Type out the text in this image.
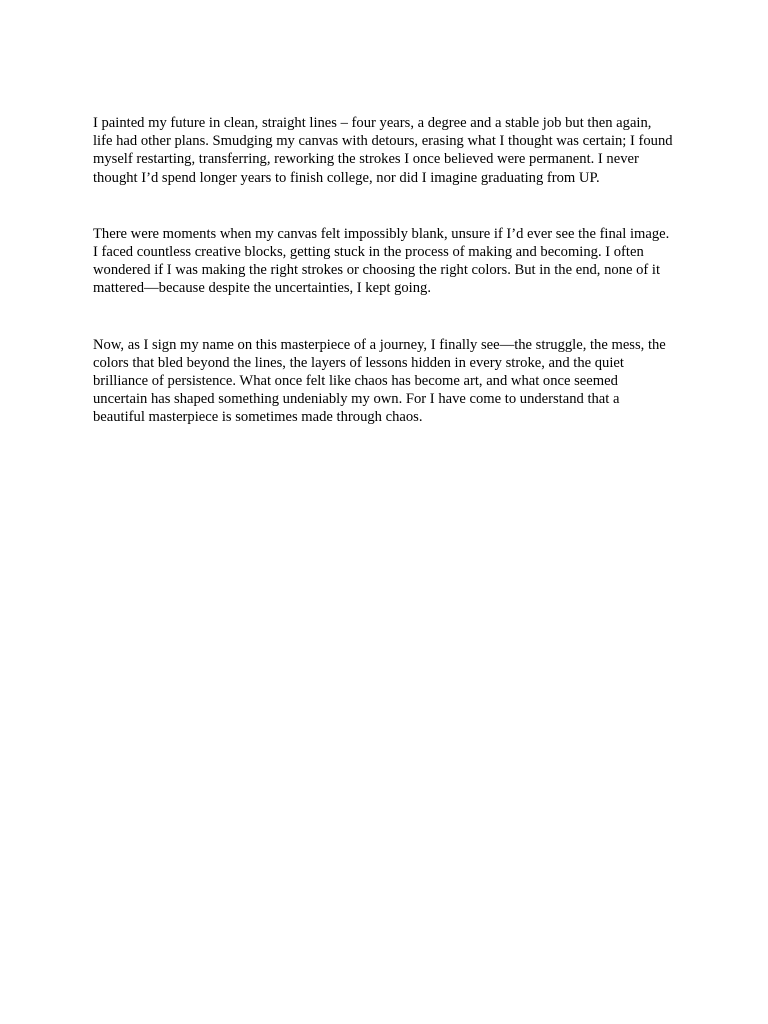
I painted my future in clean, straight lines – four years, a degree and a stable job but then again, life had other plans. Smudging my canvas with detours, erasing what I thought was certain; I found myself restarting, transferring, reworking the strokes I once believed were permanent. I never thought I’d spend longer years to finish college, nor did I imagine graduating from UP.

There were moments when my canvas felt impossibly blank, unsure if I’d ever see the final image. I faced countless creative blocks, getting stuck in the process of making and becoming. I often wondered if I was making the right strokes or choosing the right colors. But in the end, none of it mattered—because despite the uncertainties, I kept going.

Now, as I sign my name on this masterpiece of a journey, I finally see—the struggle, the mess, the colors that bled beyond the lines, the layers of lessons hidden in every stroke, and the quiet brilliance of persistence. What once felt like chaos has become art, and what once seemed uncertain has shaped something undeniably my own. For I have come to understand that a beautiful masterpiece is sometimes made through chaos.
